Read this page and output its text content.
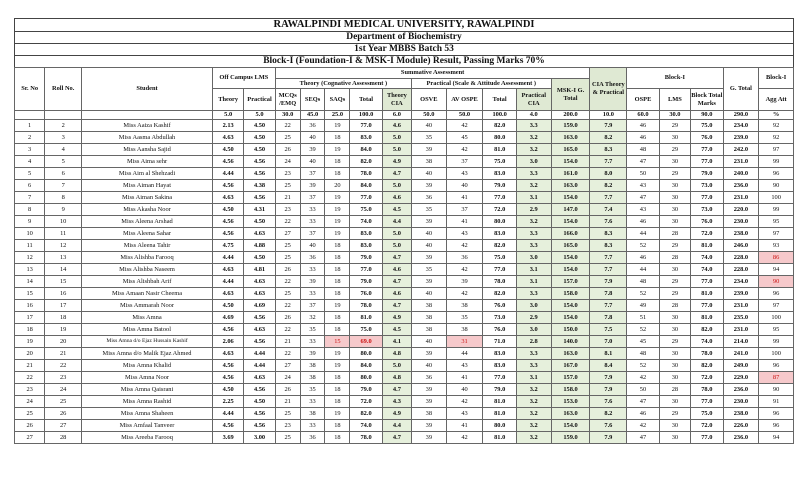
RAWALPINDI MEDICAL UNIVERSITY, RAWALPINDI
Department of Biochemistry
1st Year MBBS Batch 53
Block-I (Foundation-I & MSK-I Module) Result, Passing Marks 70%
Sr. No	Roll No.	Student	Off Campus LMS		Summative Assessment										CIA Theory & Practical	Block-I			G. Total	Block-I
					Theory (Cognative Assessment )					Practical (Scale & Attitude Assessment )				MSK-I G. Total						
			Theory	Practical	MCQs /EMQ	SEQs	SAQs	Total	Theory CIA	OSVE	AV OSPE	Total	Practical CIA			OSPE	LMS	Block Total Marks		Agg Att
			5.0	5.0	30.0	45.0	25.0	100.0	6.0	50.0	50.0	100.0	4.0	200.0	10.0	60.0	30.0	90.0	290.0	%
1	2	Miss Aaiza Kashif	2.13	4.50	22	36	19	77.0	4.6	40	42	82.0	3.3	159.0	7.9	46	29	75.0	234.0	92
2	3	Miss Aasma Abdullah	4.63	4.50	25	40	18	83.0	5.0	35	45	80.0	3.2	163.0	8.2	46	30	76.0	239.0	92
3	4	Miss Aansha Sajid	4.50	4.50	26	39	19	84.0	5.0	39	42	81.0	3.2	165.0	8.3	48	29	77.0	242.0	97
4	5	Miss Aima sehr	4.56	4.56	24	40	18	82.0	4.9	38	37	75.0	3.0	154.0	7.7	47	30	77.0	231.0	99
5	6	Miss Aim al Shehzadi	4.44	4.56	23	37	18	78.0	4.7	40	43	83.0	3.3	161.0	8.0	50	29	79.0	240.0	96
6	7	Miss Aiman Hayat	4.56	4.38	25	39	20	84.0	5.0	39	40	79.0	3.2	163.0	8.2	43	30	73.0	236.0	90
7	8	Miss Aiman Sakina	4.63	4.56	21	37	19	77.0	4.6	36	41	77.0	3.1	154.0	7.7	47	30	77.0	231.0	100
8	9	Miss Akasha Noor	4.50	4.31	23	33	19	75.0	4.5	35	37	72.0	2.9	147.0	7.4	43	30	73.0	220.0	99
9	10	Miss Aleena Arshad	4.56	4.50	22	33	19	74.0	4.4	39	41	80.0	3.2	154.0	7.6	46	30	76.0	230.0	95
10	11	Miss Aleena Sahar	4.56	4.63	27	37	19	83.0	5.0	40	43	83.0	3.3	166.0	8.3	44	28	72.0	238.0	97
11	12	Miss Aleena Tahir	4.75	4.88	25	40	18	83.0	5.0	40	42	82.0	3.3	165.0	8.3	52	29	81.0	246.0	93
12	13	Miss Alishba Farooq	4.44	4.50	25	36	18	79.0	4.7	39	36	75.0	3.0	154.0	7.7	46	28	74.0	228.0	86
13	14	Miss Alishba Naseem	4.63	4.81	26	33	18	77.0	4.6	35	42	77.0	3.1	154.0	7.7	44	30	74.0	228.0	94
14	15	Miss Alishbah Arif	4.44	4.63	22	39	18	79.0	4.7	39	39	78.0	3.1	157.0	7.9	48	29	77.0	234.0	90
15	16	Miss Amaan Nasir Cheema	4.63	4.63	25	33	18	76.0	4.6	40	42	82.0	3.3	158.0	7.8	52	29	81.0	239.0	96
16	17	Miss Ammarah Noor	4.50	4.69	22	37	19	78.0	4.7	38	38	76.0	3.0	154.0	7.7	49	28	77.0	231.0	97
17	18	Miss Amna	4.69	4.56	26	32	18	81.0	4.9	38	35	73.0	2.9	154.0	7.8	51	30	81.0	235.0	100
18	19	Miss Amna Batool	4.56	4.63	22	35	18	75.0	4.5	38	38	76.0	3.0	150.0	7.5	52	30	82.0	231.0	95
19	20	Miss Amna d/o Ejaz Hussain Kashif	2.06	4.56	21	33	15	69.0	4.1	40	31	71.0	2.8	140.0	7.0	45	29	74.0	214.0	99
20	21	Miss Amna d/o Malik Ejaz Ahmed	4.63	4.44	22	39	19	80.0	4.8	39	44	83.0	3.3	163.0	8.1	48	30	78.0	241.0	100
21	22	Miss Amna Khalid	4.56	4.44	27	38	19	84.0	5.0	40	43	83.0	3.3	167.0	8.4	52	30	82.0	249.0	96
22	23	Miss Amna Noor	4.56	4.63	24	38	18	80.0	4.8	36	41	77.0	3.1	157.0	7.9	42	30	72.0	229.0	87
23	24	Miss Amna Qaisrani	4.50	4.56	26	35	18	79.0	4.7	39	40	79.0	3.2	158.0	7.9	50	28	78.0	236.0	90
24	25	Miss Amna Rashid	2.25	4.50	21	33	18	72.0	4.3	39	42	81.0	3.2	153.0	7.6	47	30	77.0	230.0	91
25	26	Miss Amna Shaheen	4.44	4.56	25	38	19	82.0	4.9	38	43	81.0	3.2	163.0	8.2	46	29	75.0	238.0	96
26	27	Miss Amfaal Tanveer	4.56	4.56	23	33	18	74.0	4.4	39	41	80.0	3.2	154.0	7.6	42	30	72.0	226.0	96
27	28	Miss Areeba Farooq	3.69	3.00	25	36	18	78.0	4.7	39	42	81.0	3.2	159.0	7.9	47	30	77.0	236.0	94
